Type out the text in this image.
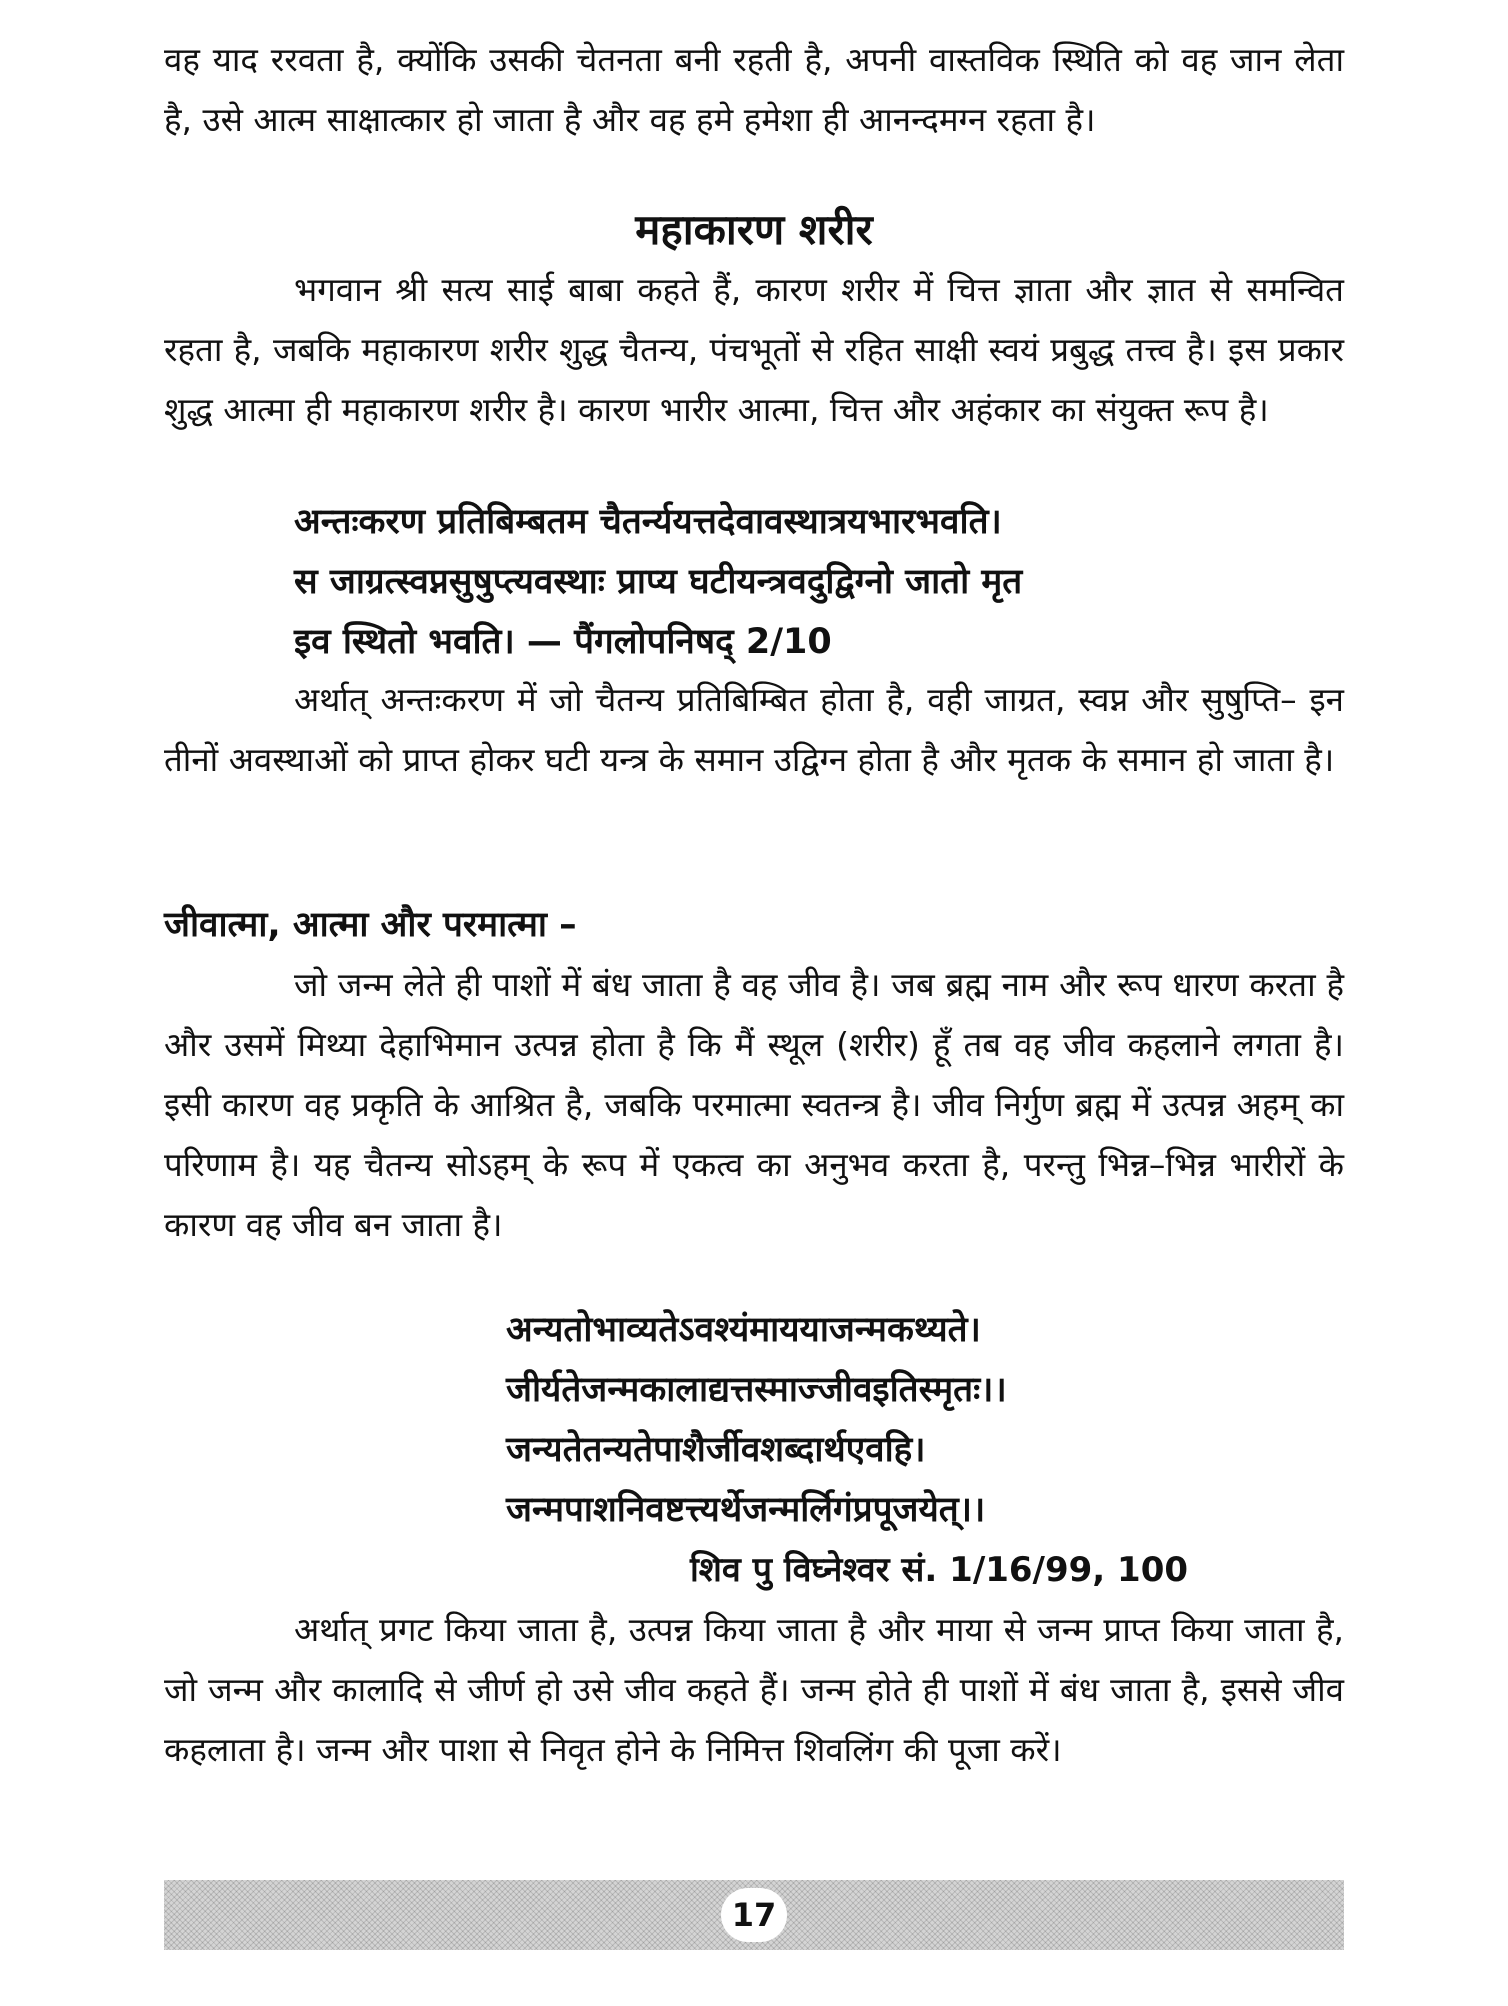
वह याद ररवता है, क्योंकि उसकी चेतनता बनी रहती है, अपनी वास्तविक स्थिति को वह जान लेता है, उसे आत्म साक्षात्कार हो जाता है और वह हमे हमेशा ही आनन्दमग्न रहता है।

महाकारण शरीर

भगवान श्री सत्य साई बाबा कहते हैं, कारण शरीर में चित्त ज्ञाता और ज्ञात से समन्वित रहता है, जबकि महाकारण शरीर शुद्ध चैतन्य, पंचभूतों से रहित साक्षी स्वयं प्रबुद्ध तत्त्व है। इस प्रकार शुद्ध आत्मा ही महाकारण शरीर है। कारण भारीर आत्मा, चित्त और अहंकार का संयुक्त रूप है।

अन्तःकरण प्रतिबिम्बतम चैतर्न्ययत्तदेवावस्थात्रयभारभवति।
स जाग्रत्स्वप्नसुषुप्त्यवस्थाः प्राप्य घटीयन्त्रवदुद्विग्नो जातो मृत
इव स्थितो भवति। — पैंगलोपनिषद् 2/10

अर्थात् अन्तःकरण में जो चैतन्य प्रतिबिम्बित होता है, वही जाग्रत, स्वप्न और सुषुप्ति– इन तीनों अवस्थाओं को प्राप्त होकर घटी यन्त्र के समान उद्विग्न होता है और मृतक के समान हो जाता है।

जीवात्मा, आत्मा और परमात्मा –

जो जन्म लेते ही पाशों में बंध जाता है वह जीव है। जब ब्रह्म नाम और रूप धारण करता है और उसमें मिथ्या देहाभिमान उत्पन्न होता है कि मैं स्थूल (शरीर) हूँ तब वह जीव कहलाने लगता है। इसी कारण वह प्रकृति के आश्रित है, जबकि परमात्मा स्वतन्त्र है। जीव निर्गुण ब्रह्म में उत्पन्न अहम् का परिणाम है। यह चैतन्य सोऽहम् के रूप में एकत्व का अनुभव करता है, परन्तु भिन्न–भिन्न भारीरों के कारण वह जीव बन जाता है।

अन्यतोभाव्यतेऽवश्यंमाययाजन्मकथ्यते।
जीर्यतेजन्मकालाद्यत्तस्माज्जीवइतिस्मृतः।।
जन्यतेतन्यतेपाशैर्जीवशब्दार्थएवहि।
जन्मपाशनिवष्टत्त्यर्थेजन्मर्लिगंप्रपूजयेत्।।
शिव पु विघ्नेश्वर सं. 1/16/99, 100

अर्थात् प्रगट किया जाता है, उत्पन्न किया जाता है और माया से जन्म प्राप्त किया जाता है, जो जन्म और कालादि से जीर्ण हो उसे जीव कहते हैं। जन्म होते ही पाशों में बंध जाता है, इससे जीव कहलाता है। जन्म और पाशा से निवृत होने के निमित्त शिवलिंग की पूजा करें।

17
